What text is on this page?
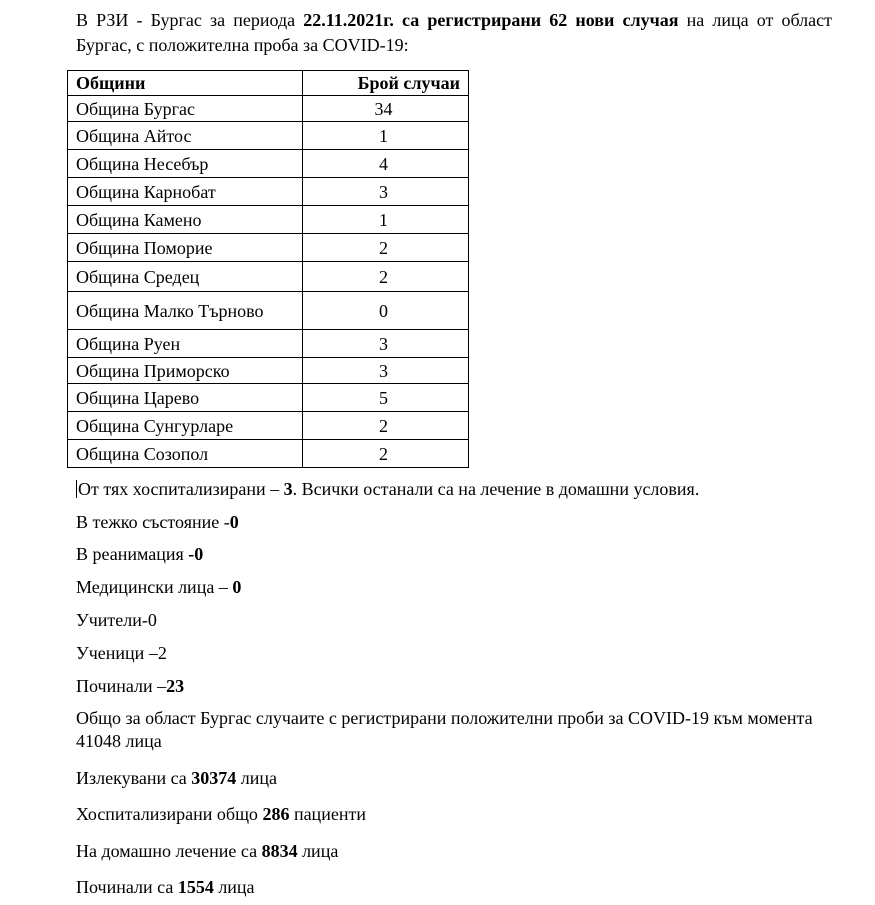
В РЗИ - Бургас за периода 22.11.2021г. са регистрирани 62 нови случая на лица от област Бургас, с положителна проба за COVID-19:

Общини	Брой случаи
Община Бургас	34
Община Айтос	1
Община Несебър	4
Община Карнобат	3
Община Камено	1
Община Поморие	2
Община Средец	2
Община Малко Търново	0
Община Руен	3
Община Приморско	3
Община Царево	5
Община Сунгурларе	2
Община Созопол	2

От тях хоспитализирани – 3. Всички останали са на лечение в домашни условия.

В тежко състояние -0

В реанимация -0

Медицински лица – 0

Учители-0

Ученици –2

Починали –23

Общо за област Бургас случаите с регистрирани положителни проби за COVID-19 към момента 41048 лица

Излекувани са 30374 лица

Хоспитализирани общо 286 пациенти

На домашно лечение са 8834 лица

Починали са 1554 лица
